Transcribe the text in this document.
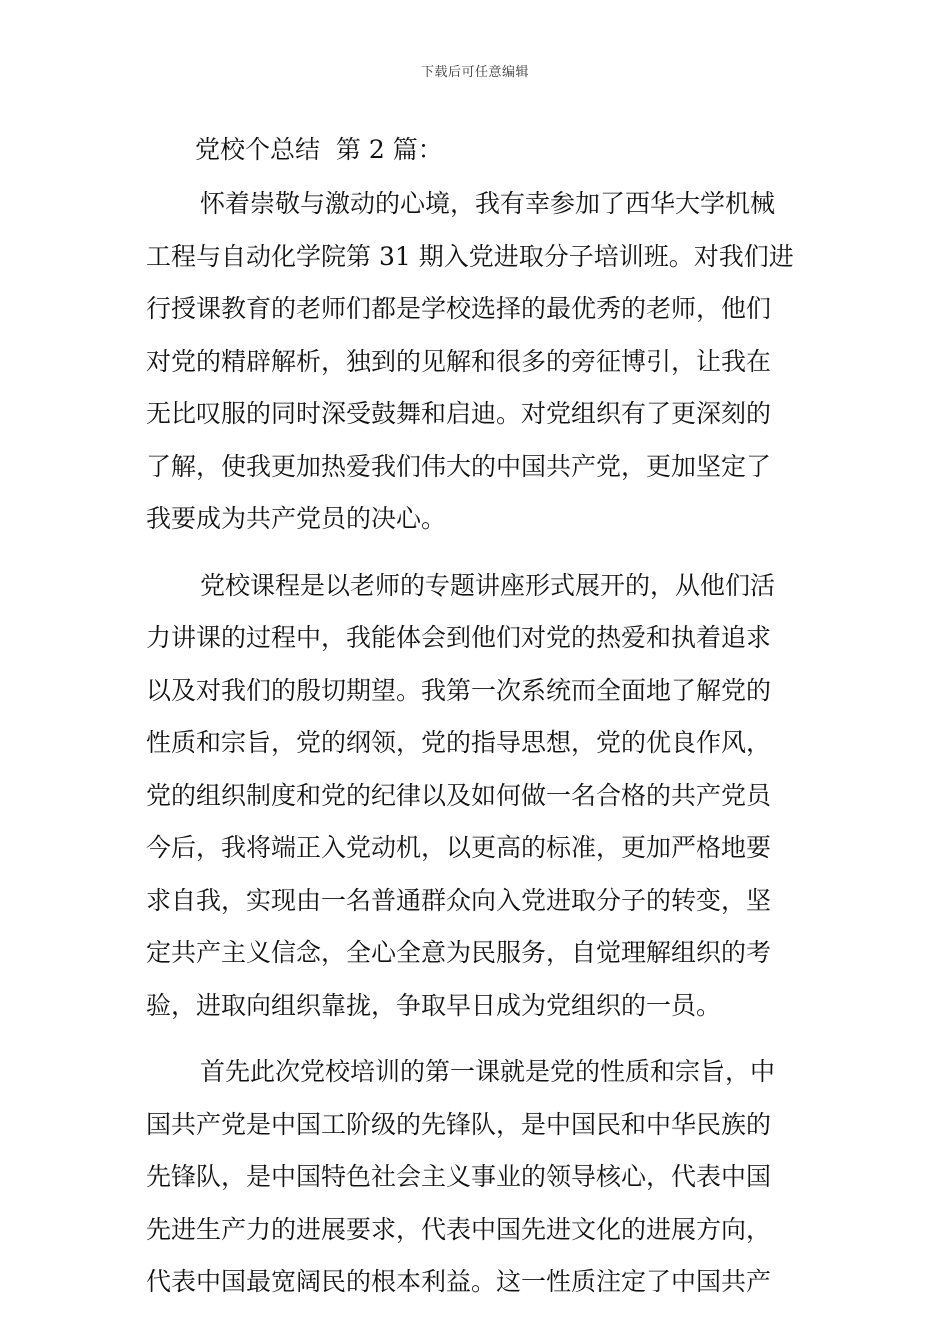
下载后可任意编辑
党校个总结  第 2 篇：
怀着崇敬与激动的心境，我有幸参加了西华大学机械
工程与自动化学院第 31 期入党进取分子培训班。对我们进
行授课教育的老师们都是学校选择的最优秀的老师，他们
对党的精辟解析，独到的见解和很多的旁征博引，让我在
无比叹服的同时深受鼓舞和启迪。对党组织有了更深刻的
了解，使我更加热爱我们伟大的中国共产党，更加坚定了
我要成为共产党员的决心。
党校课程是以老师的专题讲座形式展开的，从他们活
力讲课的过程中，我能体会到他们对党的热爱和执着追求
以及对我们的殷切期望。我第一次系统而全面地了解党的
性质和宗旨，党的纲领，党的指导思想，党的优良作风，
党的组织制度和党的纪律以及如何做一名合格的共产党员
今后，我将端正入党动机，以更高的标准，更加严格地要
求自我，实现由一名普通群众向入党进取分子的转变，坚
定共产主义信念，全心全意为民服务，自觉理解组织的考
验，进取向组织靠拢，争取早日成为党组织的一员。
首先此次党校培训的第一课就是党的性质和宗旨，中
国共产党是中国工阶级的先锋队，是中国民和中华民族的
先锋队，是中国特色社会主义事业的领导核心，代表中国
先进生产力的进展要求，代表中国先进文化的进展方向，
代表中国最宽阔民的根本利益。这一性质注定了中国共产
